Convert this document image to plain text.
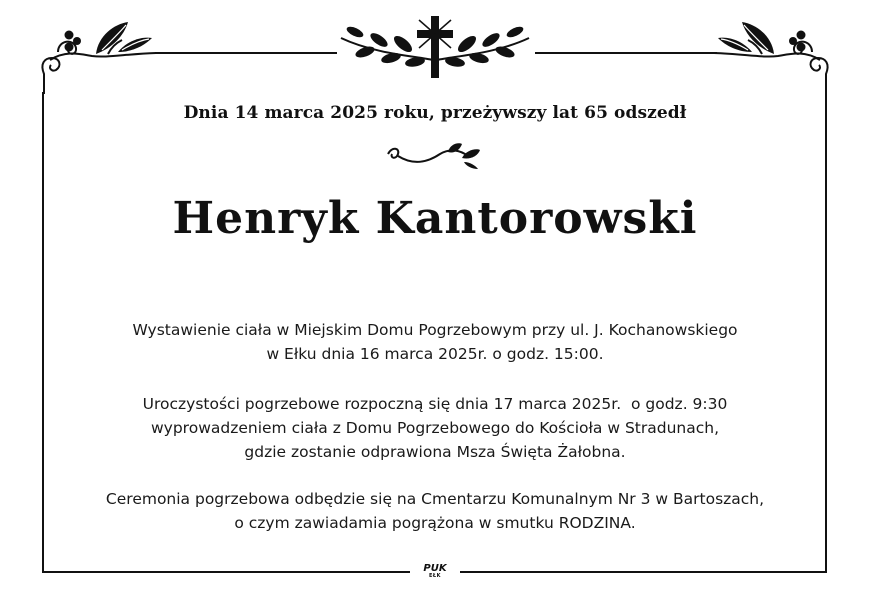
Dnia 14 marca 2025 roku, przeżywszy lat 65 odszedł
Henryk Kantorowski
Wystawienie ciała w Miejskim Domu Pogrzebowym przy ul. J. Kochanowskiego
w Ełku dnia 16 marca 2025r. o godz. 15:00.
Uroczystości pogrzebowe rozpoczną się dnia 17 marca 2025r.  o godz. 9:30
wyprowadzeniem ciała z Domu Pogrzebowego do Kościoła w Stradunach,
gdzie zostanie odprawiona Msza Święta Żałobna.
Ceremonia pogrzebowa odbędzie się na Cmentarzu Komunalnym Nr 3 w Bartoszach,
o czym zawiadamia pogrążona w smutku RODZINA.
PUK
EŁK
